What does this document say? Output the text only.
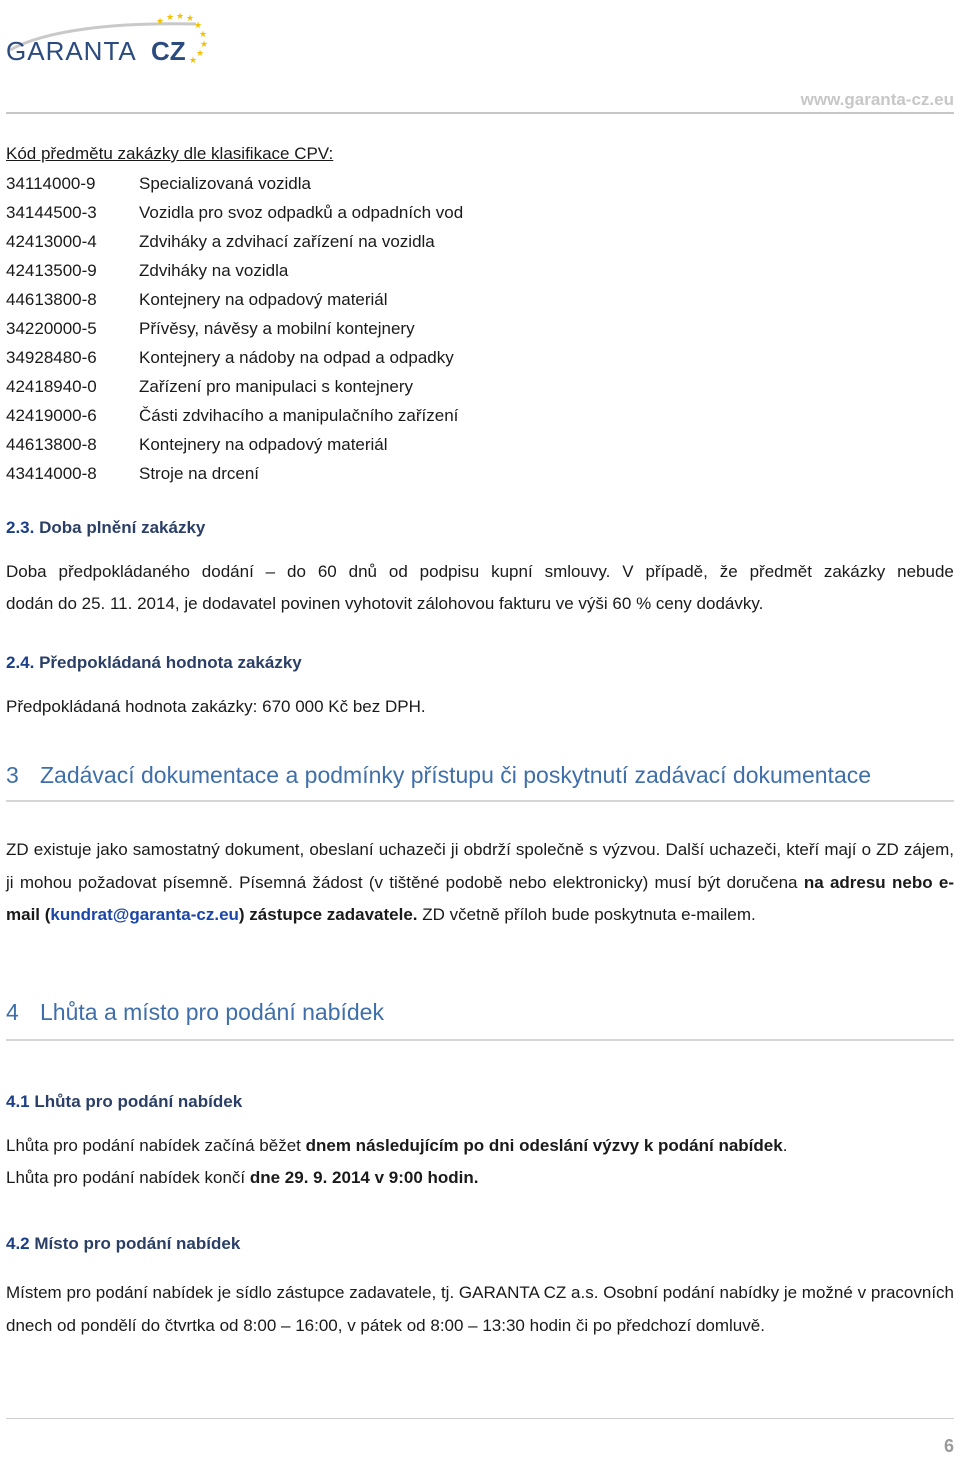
GARANTA CZ
★ ★ ★ ★
★
★
★
★
★
www.garanta-cz.eu
Kód předmětu zakázky dle klasifikace CPV:
34114000-9	Specializovaná vozidla
34144500-3	Vozidla pro svoz odpadků a odpadních vod
42413000-4	Zdviháky a zdvihací zařízení na vozidla
42413500-9	Zdviháky na vozidla
44613800-8	Kontejnery na odpadový materiál
34220000-5	Přívěsy, návěsy a mobilní kontejnery
34928480-6	Kontejnery a nádoby na odpad a odpadky
42418940-0	Zařízení pro manipulaci s kontejnery
42419000-6	Části zdvihacího a manipulačního zařízení
44613800-8	Kontejnery na odpadový materiál
43414000-8	Stroje na drcení
2.3. Doba plnění zakázky
Doba předpokládaného dodání – do 60 dnů od podpisu kupní smlouvy. V případě, že předmět zakázky nebude
dodán do 25. 11. 2014, je dodavatel povinen vyhotovit zálohovou fakturu ve výši 60 % ceny dodávky.
2.4. Předpokládaná hodnota zakázky
Předpokládaná hodnota zakázky: 670 000 Kč bez DPH.
3 Zadávací dokumentace a podmínky přístupu či poskytnutí zadávací dokumentace
ZD existuje jako samostatný dokument, obeslaní uchazeči ji obdrží společně s výzvou. Další uchazeči, kteří mají o ZD zájem, ji mohou požadovat písemně. Písemná žádost (v tištěné podobě nebo elektronicky) musí být doručena na adresu nebo e-mail (kundrat@garanta-cz.eu) zástupce zadavatele. ZD včetně příloh bude poskytnuta e-mailem.
4 Lhůta a místo pro podání nabídek
4.1 Lhůta pro podání nabídek
Lhůta pro podání nabídek začíná běžet dnem následujícím po dni odeslání výzvy k podání nabídek.
Lhůta pro podání nabídek končí dne 29. 9. 2014 v 9:00 hodin.
4.2 Místo pro podání nabídek
Místem pro podání nabídek je sídlo zástupce zadavatele, tj. GARANTA CZ a.s. Osobní podání nabídky je možné v pracovních dnech od pondělí do čtvrtka od 8:00 – 16:00, v pátek od 8:00 – 13:30 hodin či po předchozí domluvě.
6
